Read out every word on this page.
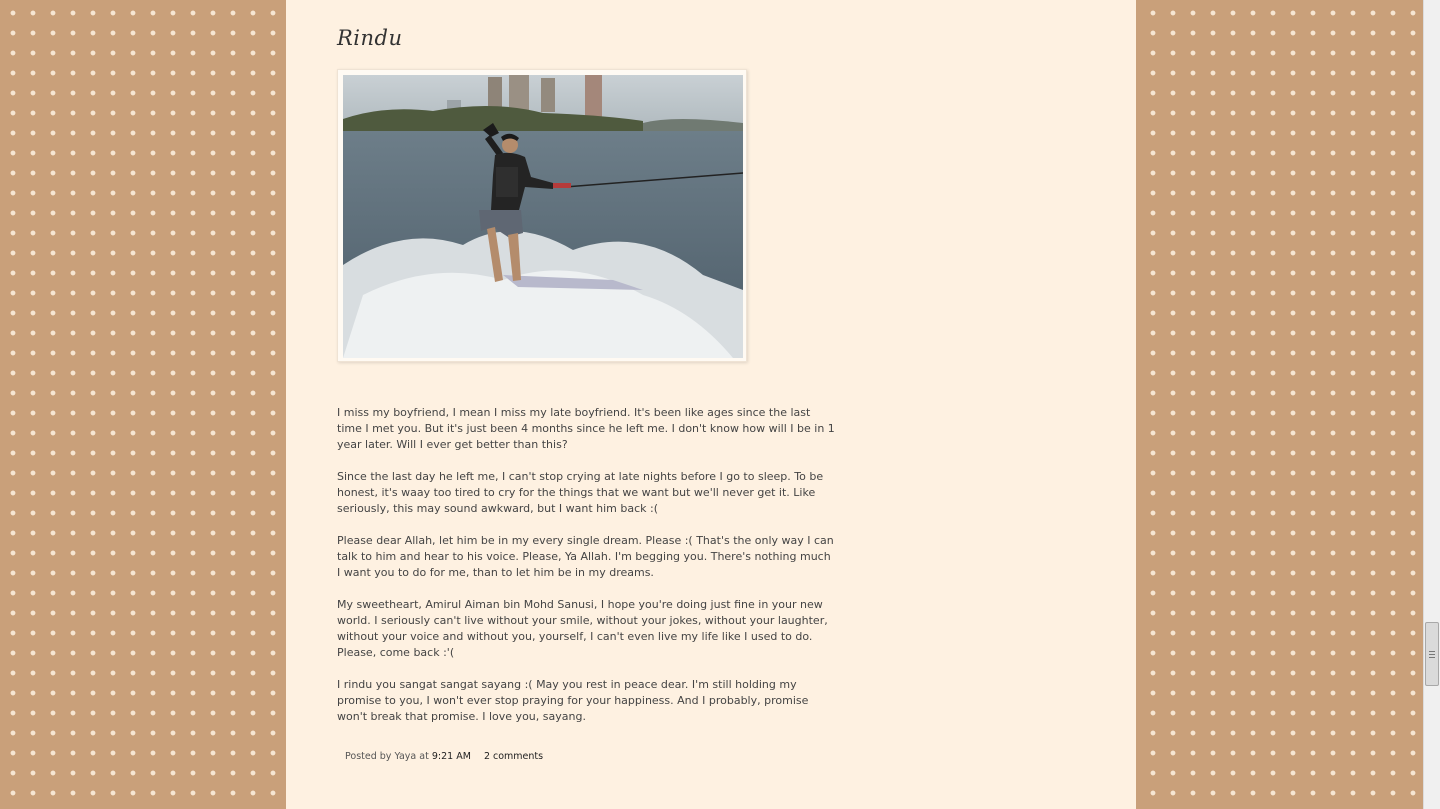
Rindu

I miss my boyfriend, I mean I miss my late boyfriend. It's been like ages since the last time I met you. But it's just been 4 months since he left me. I don't know how will I be in 1 year later. Will I ever get better than this?

Since the last day he left me, I can't stop crying at late nights before I go to sleep. To be honest, it's waay too tired to cry for the things that we want but we'll never get it. Like seriously, this may sound awkward, but I want him back :(

Please dear Allah, let him be in my every single dream. Please :( That's the only way I can talk to him and hear to his voice. Please, Ya Allah. I'm begging you. There's nothing much I want you to do for me, than to let him be in my dreams.

My sweetheart, Amirul Aiman bin Mohd Sanusi, I hope you're doing just fine in your new world. I seriously can't live without your smile, without your jokes, without your laughter, without your voice and without you, yourself, I can't even live my life like I used to do. Please, come back :'(

I rindu you sangat sangat sayang :( May you rest in peace dear. I'm still holding my promise to you, I won't ever stop praying for your happiness. And I probably, promise won't break that promise. I love you, sayang.

Posted by Yaya at 9:21 AM 2 comments
